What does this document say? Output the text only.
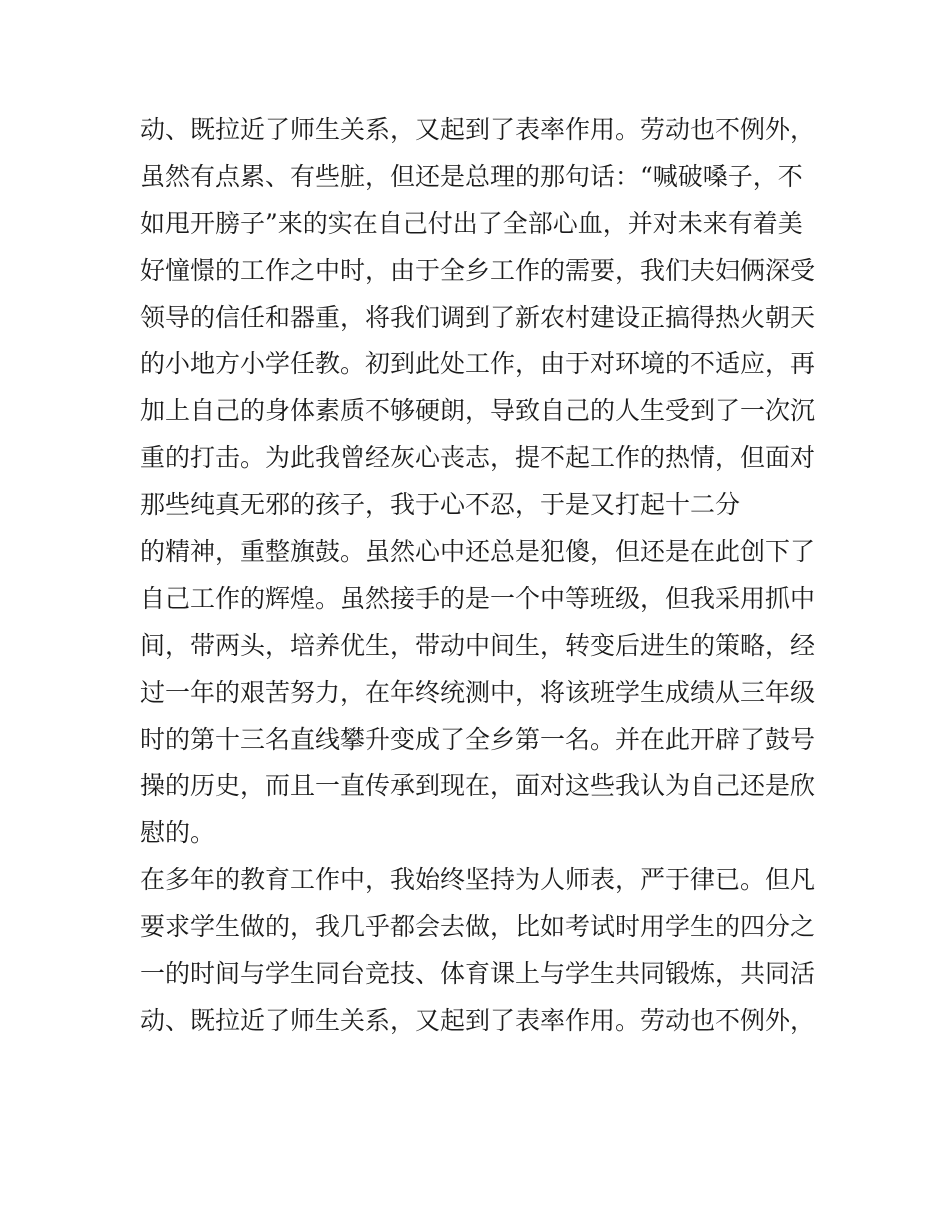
动、既拉近了师生关系，又起到了表率作用。劳动也不例外，
虽然有点累、有些脏，但还是总理的那句话：“喊破嗓子，不
如甩开膀子”来的实在自己付出了全部心血，并对未来有着美
好憧憬的工作之中时，由于全乡工作的需要，我们夫妇俩深受
领导的信任和器重，将我们调到了新农村建设正搞得热火朝天
的小地方小学任教。初到此处工作，由于对环境的不适应，再
加上自己的身体素质不够硬朗，导致自己的人生受到了一次沉
重的打击。为此我曾经灰心丧志，提不起工作的热情，但面对
那些纯真无邪的孩子，我于心不忍，于是又打起十二分
的精神，重整旗鼓。虽然心中还总是犯傻，但还是在此创下了
自己工作的辉煌。虽然接手的是一个中等班级，但我采用抓中
间，带两头，培养优生，带动中间生，转变后进生的策略，经
过一年的艰苦努力，在年终统测中，将该班学生成绩从三年级
时的第十三名直线攀升变成了全乡第一名。并在此开辟了鼓号
操的历史，而且一直传承到现在，面对这些我认为自己还是欣
慰的。
在多年的教育工作中，我始终坚持为人师表，严于律已。但凡
要求学生做的，我几乎都会去做，比如考试时用学生的四分之
一的时间与学生同台竞技、体育课上与学生共同锻炼，共同活
动、既拉近了师生关系，又起到了表率作用。劳动也不例外，
